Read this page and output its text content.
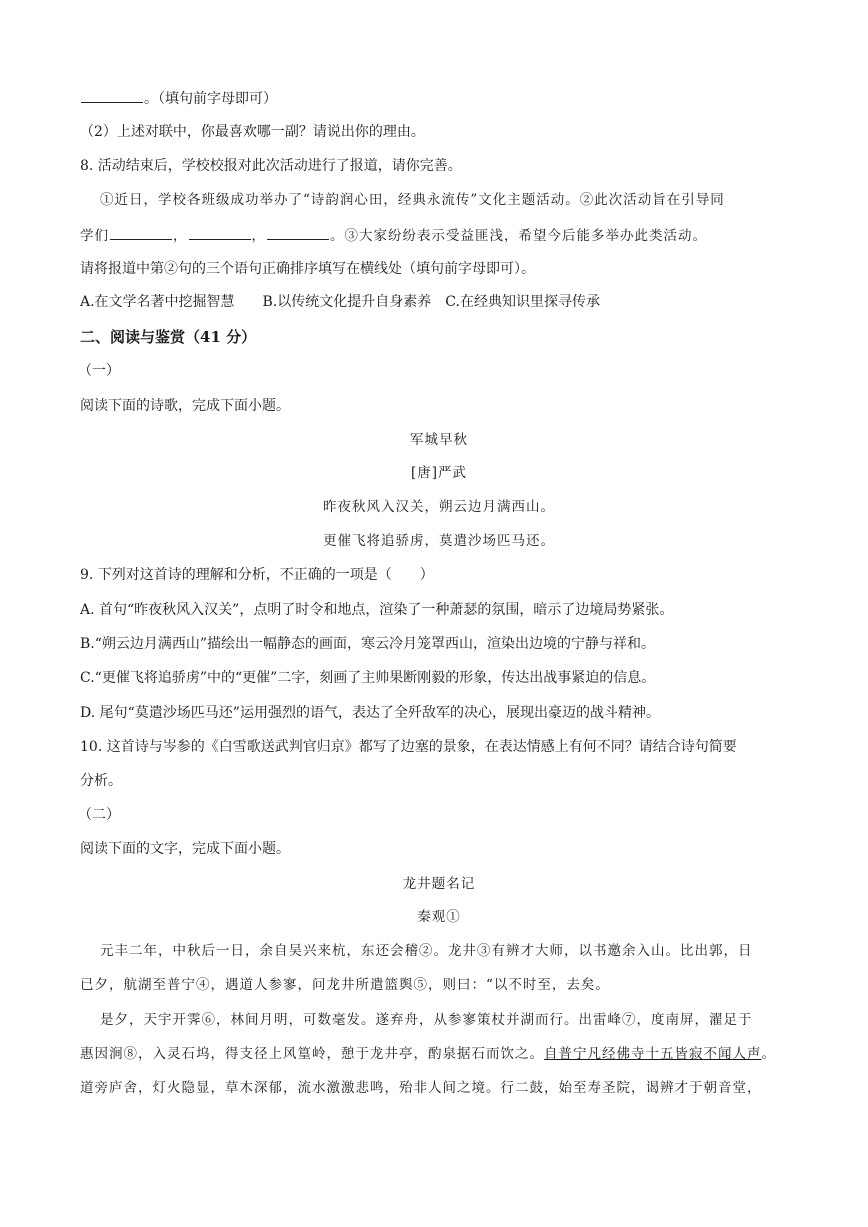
。（填句前字母即可）
（2）上述对联中，你最喜欢哪一副？请说出你的理由。
8. 活动结束后，学校校报对此次活动进行了报道，请你完善。
①近日，学校各班级成功举办了“诗韵润心田，经典永流传”文化主题活动。②此次活动旨在引导同
学们	，	，	。③大家纷纷表示受益匪浅，希望今后能多举办此类活动。
请将报道中第②句的三个语句正确排序填写在横线处（填句前字母即可）。
A.在文学名著中挖掘智慧　　B.以传统文化提升自身素养　C.在经典知识里探寻传承
二、阅读与鉴赏（41 分）
（一）
阅读下面的诗歌，完成下面小题。
军城早秋
[唐]严武
昨夜秋风入汉关，朔云边月满西山。
更催飞将追骄虏，莫遣沙场匹马还。
9. 下列对这首诗的理解和分析，不正确的一项是（　　）
A. 首句“昨夜秋风入汉关”，点明了时令和地点，渲染了一种萧瑟的氛围，暗示了边境局势紧张。
B.“朔云边月满西山”描绘出一幅静态的画面，寒云冷月笼罩西山，渲染出边境的宁静与祥和。
C.“更催飞将追骄虏”中的“更催”二字，刻画了主帅果断刚毅的形象，传达出战事紧迫的信息。
D. 尾句“莫遣沙场匹马还”运用强烈的语气，表达了全歼敌军的决心，展现出豪迈的战斗精神。
10. 这首诗与岑参的《白雪歌送武判官归京》都写了边塞的景象，在表达情感上有何不同？请结合诗句简要
分析。
（二）
阅读下面的文字，完成下面小题。
龙井题名记
秦观①
元丰二年，中秋后一日，余自吴兴来杭，东还会稽②。龙井③有辨才大师，以书邀余入山。比出郭，日
已夕，航湖至普宁④，遇道人参寥，问龙井所遣篮舆⑤，则曰：“以不时至，去矣。
是夕，天宇开霁⑥，林间月明，可数毫发。遂弃舟，从参寥策杖并湖而行。出雷峰⑦，度南屏，濯足于
惠因涧⑧，入灵石坞，得支径上风篁岭，憩于龙井亭，酌泉据石而饮之。自普宁凡经佛寺十五皆寂不闻人声。
道旁庐舍，灯火隐显，草木深郁，流水激激悲鸣，殆非人间之境。行二鼓，始至寿圣院，谒辨才于朝音堂，
